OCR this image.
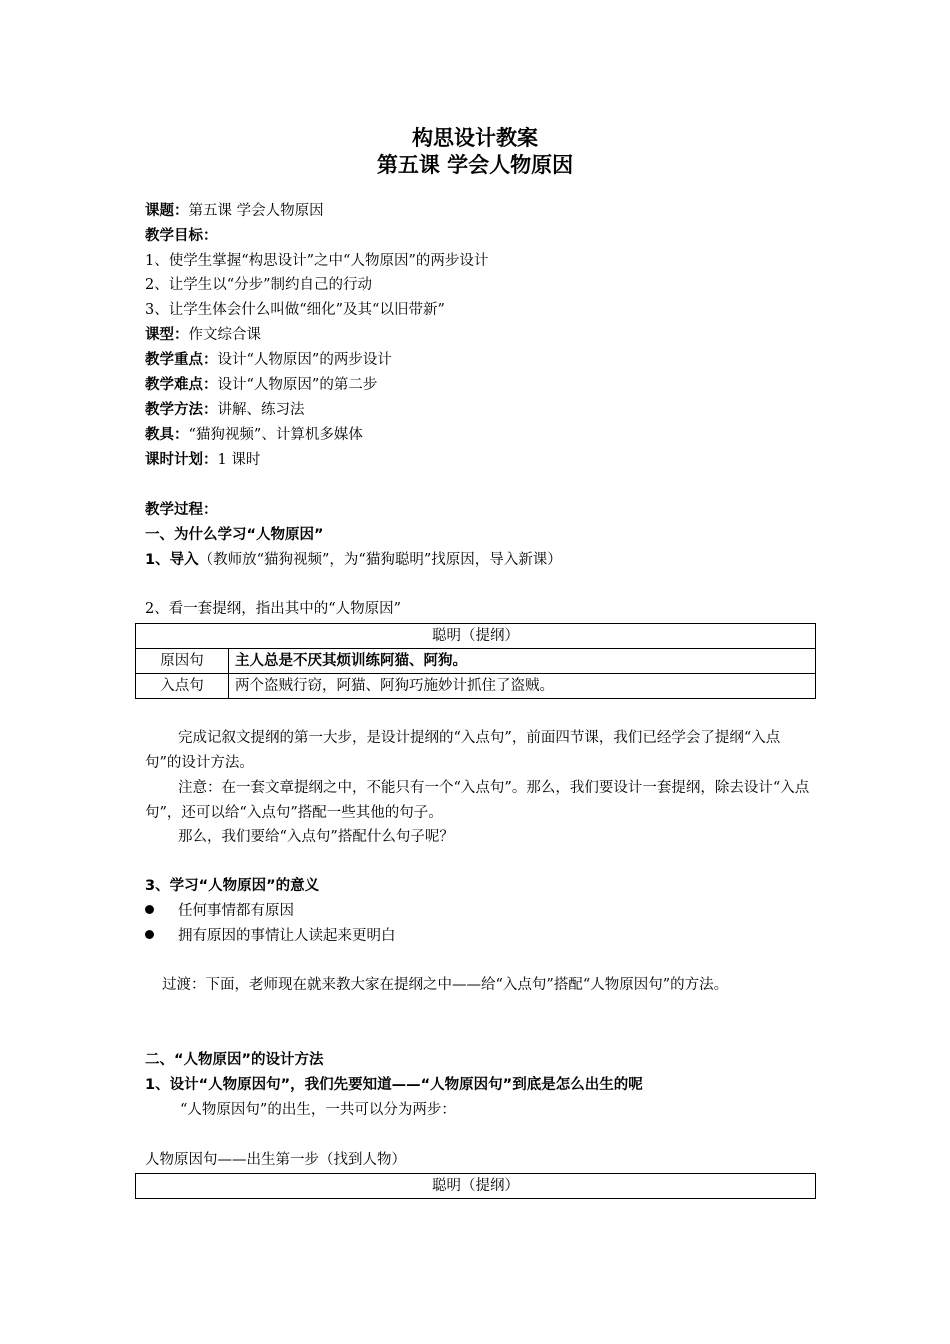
构思设计教案
第五课 学会人物原因
课题：第五课 学会人物原因
教学目标：
1、使学生掌握“构思设计”之中“人物原因”的两步设计
2、让学生以“分步”制约自己的行动
3、让学生体会什么叫做“细化”及其“以旧带新”
课型：作文综合课
教学重点：设计“人物原因”的两步设计
教学难点：设计“人物原因”的第二步
教学方法：讲解、练习法
教具：“猫狗视频”、计算机多媒体
课时计划：1 课时
教学过程：
一、为什么学习“人物原因”
1、导入（教师放“猫狗视频”，为“猫狗聪明”找原因，导入新课）
2、看一套提纲，指出其中的“人物原因”
聪明（提纲）	
原因句	主人总是不厌其烦训练阿猫、阿狗。
入点句	两个盗贼行窃，阿猫、阿狗巧施妙计抓住了盗贼。
完成记叙文提纲的第一大步，是设计提纲的“入点句”，前面四节课，我们已经学会了提纲“入点句”的设计方法。
注意：在一套文章提纲之中，不能只有一个“入点句”。那么，我们要设计一套提纲，除去设计“入点句”，还可以给“入点句”搭配一些其他的句子。
那么，我们要给“入点句”搭配什么句子呢？
3、学习“人物原因”的意义
任何事情都有原因
拥有原因的事情让人读起来更明白
过渡：下面，老师现在就来教大家在提纲之中——给“入点句”搭配“人物原因句”的方法。
二、“人物原因”的设计方法
1、设计“人物原因句”，我们先要知道——“人物原因句”到底是怎么出生的呢
“人物原因句”的出生，一共可以分为两步：
人物原因句——出生第一步（找到人物）
聪明（提纲）
